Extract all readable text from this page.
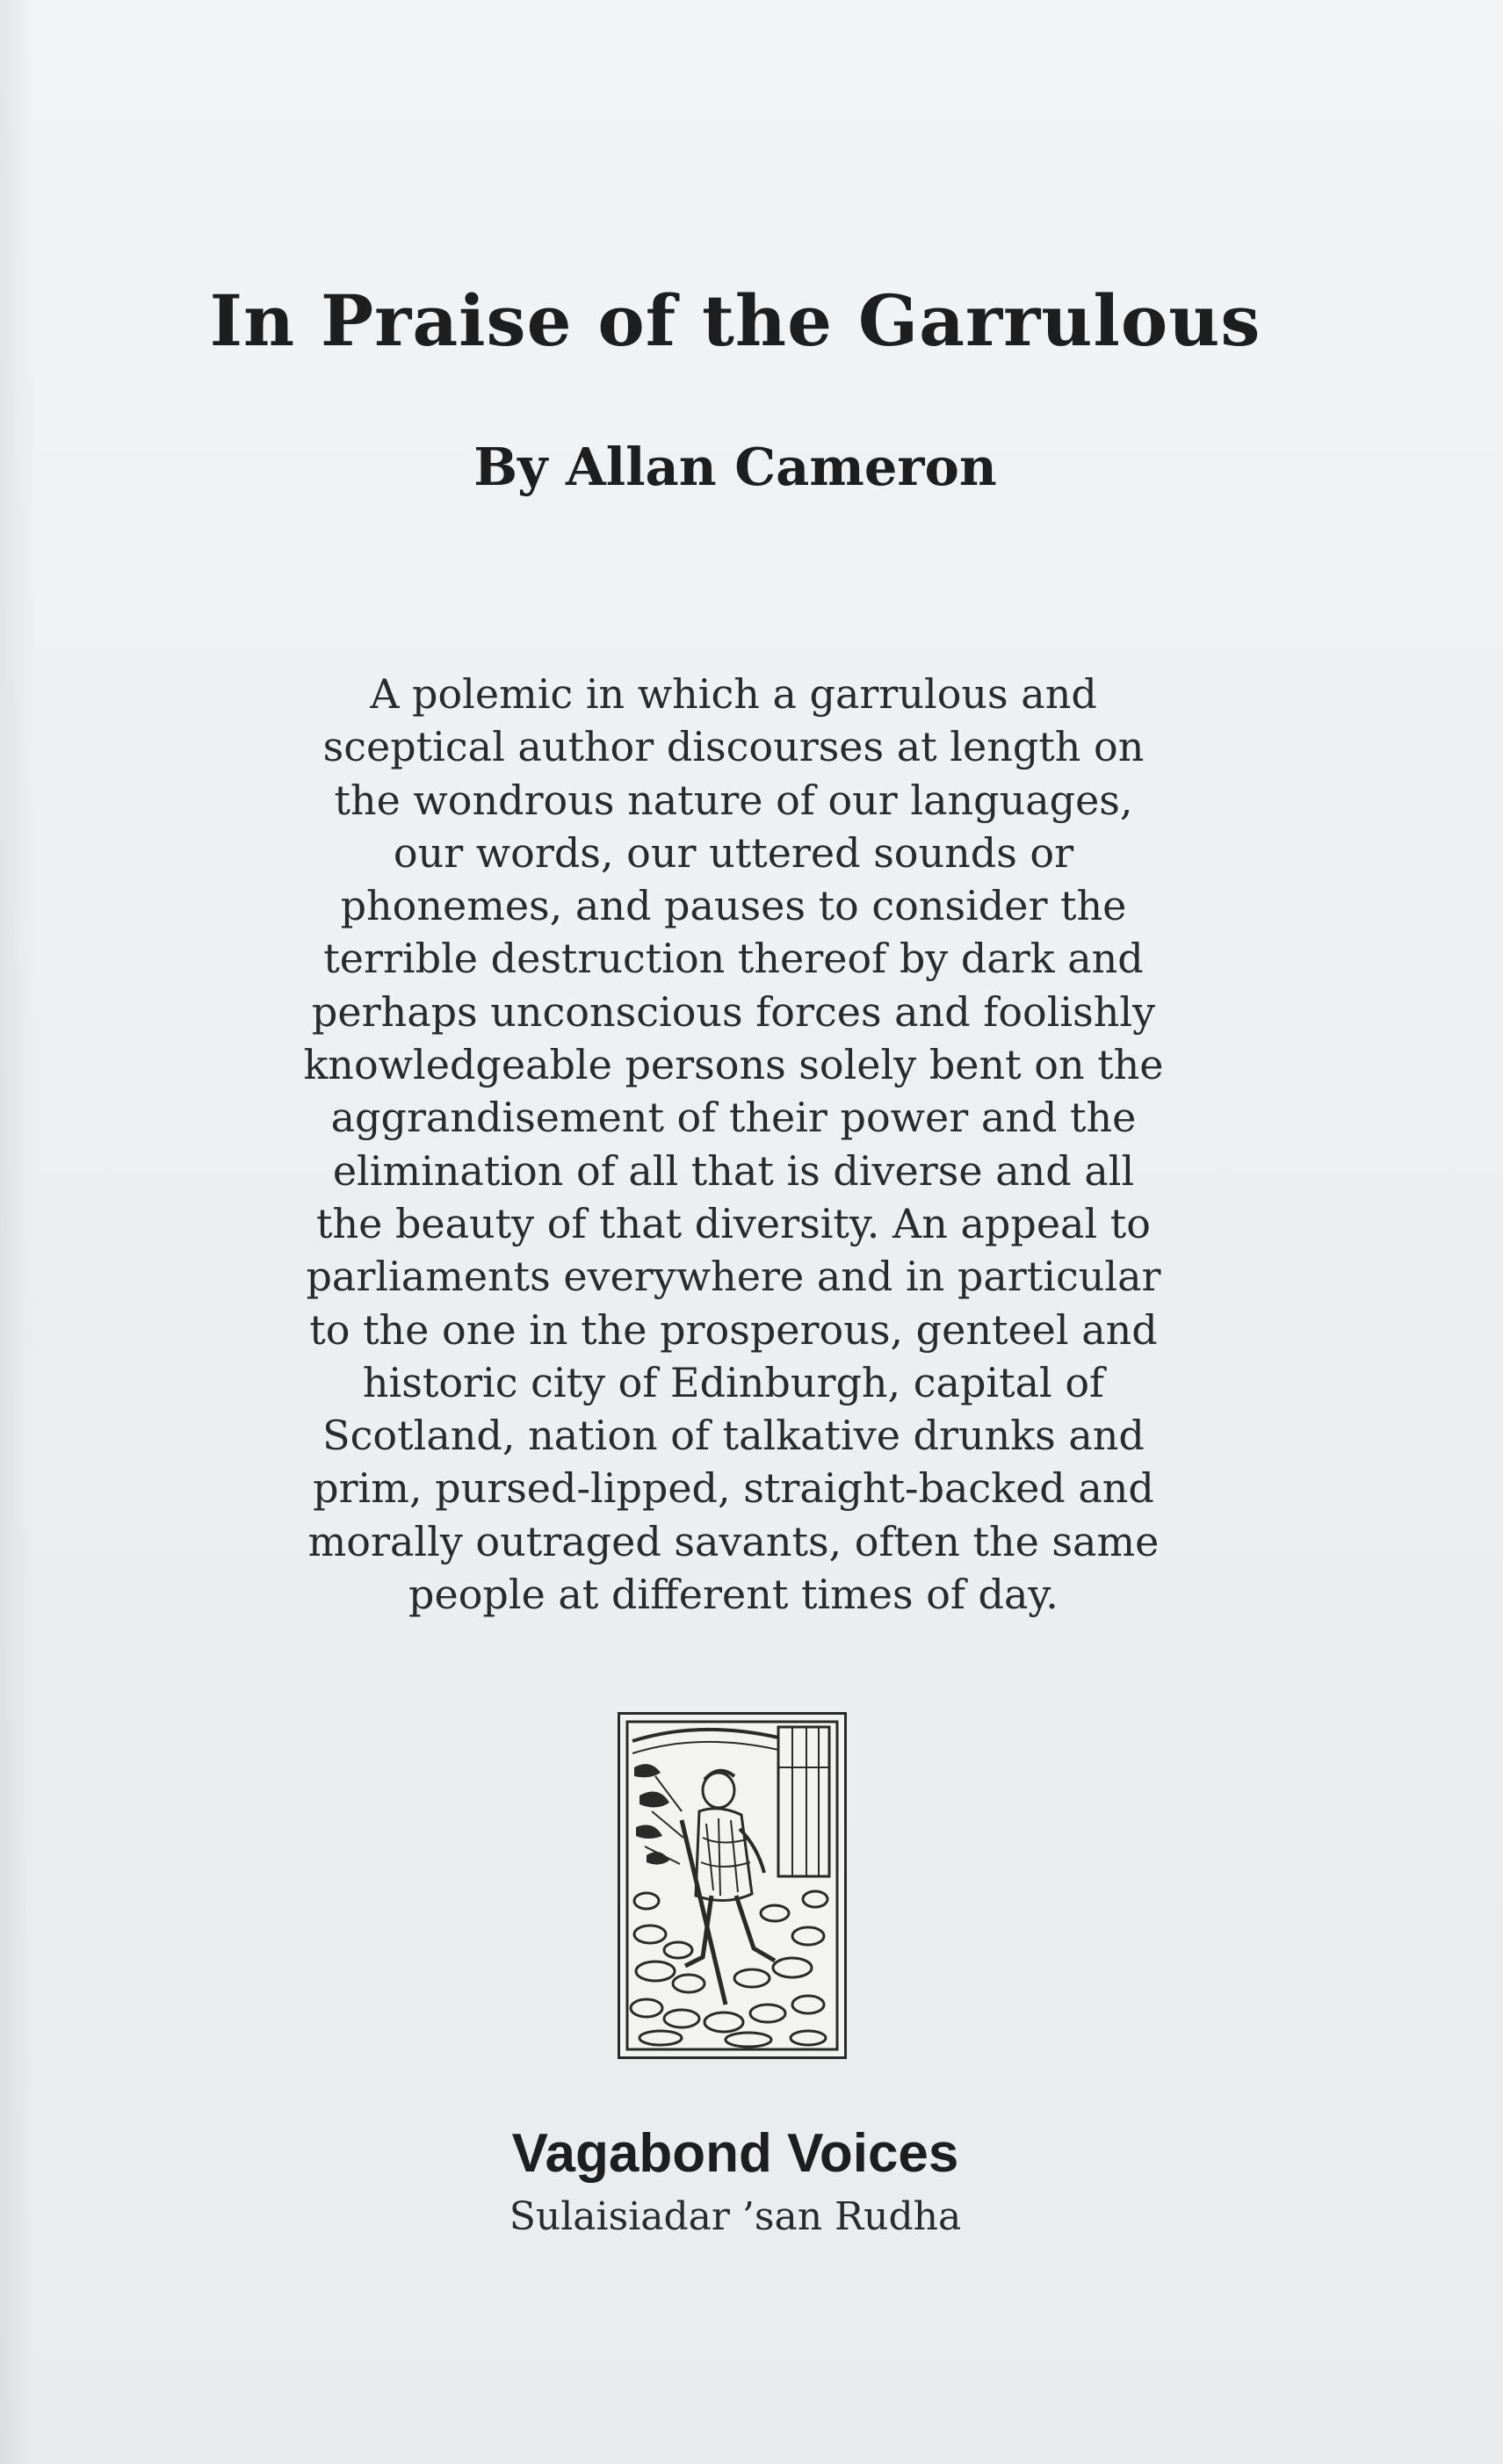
In Praise of the Garrulous
By Allan Cameron

A polemic in which a garrulous and
sceptical author discourses at length on
the wondrous nature of our languages,
our words, our uttered sounds or
phonemes, and pauses to consider the
terrible destruction thereof by dark and
perhaps unconscious forces and foolishly
knowledgeable persons solely bent on the
aggrandisement of their power and the
elimination of all that is diverse and all
the beauty of that diversity. An appeal to
parliaments everywhere and in particular
to the one in the prosperous, genteel and
historic city of Edinburgh, capital of
Scotland, nation of talkative drunks and
prim, pursed-lipped, straight-backed and
morally outraged savants, often the same
people at different times of day.

Vagabond Voices
Sulaisiadar ’san Rudha
